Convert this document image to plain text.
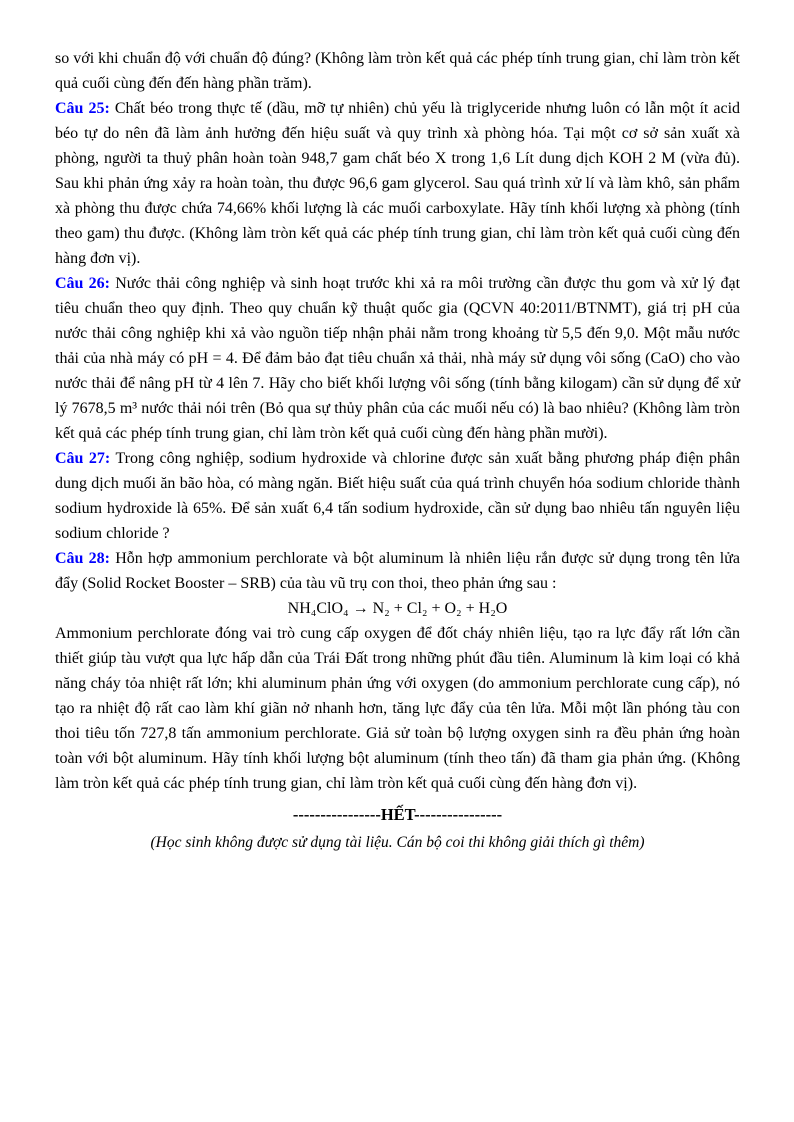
so với khi chuẩn độ với chuẩn độ đúng? (Không làm tròn kết quả các phép tính trung gian, chỉ làm tròn kết quả cuối cùng đến đến hàng phần trăm).

Câu 25: Chất béo trong thực tế (dầu, mỡ tự nhiên) chủ yếu là triglyceride nhưng luôn có lẫn một ít acid béo tự do nên đã làm ảnh hưởng đến hiệu suất và quy trình xà phòng hóa. Tại một cơ sở sản xuất xà phòng, người ta thuỷ phân hoàn toàn 948,7 gam chất béo X trong 1,6 Lít dung dịch KOH 2 M (vừa đủ). Sau khi phản ứng xảy ra hoàn toàn, thu được 96,6 gam glycerol. Sau quá trình xử lí và làm khô, sản phẩm xà phòng thu được chứa 74,66% khối lượng là các muối carboxylate. Hãy tính khối lượng xà phòng (tính theo gam) thu được. (Không làm tròn kết quả các phép tính trung gian, chỉ làm tròn kết quả cuối cùng đến hàng đơn vị).

Câu 26: Nước thải công nghiệp và sinh hoạt trước khi xả ra môi trường cần được thu gom và xử lý đạt tiêu chuẩn theo quy định. Theo quy chuẩn kỹ thuật quốc gia (QCVN 40:2011/BTNMT), giá trị pH của nước thải công nghiệp khi xả vào nguồn tiếp nhận phải nằm trong khoảng từ 5,5 đến 9,0. Một mẫu nước thải của nhà máy có pH = 4. Để đảm bảo đạt tiêu chuẩn xả thải, nhà máy sử dụng vôi sống (CaO) cho vào nước thải để nâng pH từ 4 lên 7. Hãy cho biết khối lượng vôi sống (tính bằng kilogam) cần sử dụng để xử lý 7678,5 m³ nước thải nói trên (Bỏ qua sự thủy phân của các muối nếu có) là bao nhiêu? (Không làm tròn kết quả các phép tính trung gian, chỉ làm tròn kết quả cuối cùng đến hàng phần mười).

Câu 27: Trong công nghiệp, sodium hydroxide và chlorine được sản xuất bằng phương pháp điện phân dung dịch muối ăn bão hòa, có màng ngăn. Biết hiệu suất của quá trình chuyển hóa sodium chloride thành sodium hydroxide là 65%. Để sản xuất 6,4 tấn sodium hydroxide, cần sử dụng bao nhiêu tấn nguyên liệu sodium chloride ?

Câu 28: Hỗn hợp ammonium perchlorate và bột aluminum là nhiên liệu rắn được sử dụng trong tên lửa đẩy (Solid Rocket Booster – SRB) của tàu vũ trụ con thoi, theo phản ứng sau :

NH₄ClO₄ → N₂ + Cl₂ + O₂ + H₂O

Ammonium perchlorate đóng vai trò cung cấp oxygen để đốt cháy nhiên liệu, tạo ra lực đẩy rất lớn cần thiết giúp tàu vượt qua lực hấp dẫn của Trái Đất trong những phút đầu tiên. Aluminum là kim loại có khả năng cháy tỏa nhiệt rất lớn; khi aluminum phản ứng với oxygen (do ammonium perchlorate cung cấp), nó tạo ra nhiệt độ rất cao làm khí giãn nở nhanh hơn, tăng lực đẩy của tên lửa. Mỗi một lần phóng tàu con thoi tiêu tốn 727,8 tấn ammonium perchlorate. Giả sử toàn bộ lượng oxygen sinh ra đều phản ứng hoàn toàn với bột aluminum. Hãy tính khối lượng bột aluminum (tính theo tấn) đã tham gia phản ứng. (Không làm tròn kết quả các phép tính trung gian, chỉ làm tròn kết quả cuối cùng đến hàng đơn vị).

----------------HẾT----------------

(Học sinh không được sử dụng tài liệu. Cán bộ coi thi không giải thích gì thêm)
